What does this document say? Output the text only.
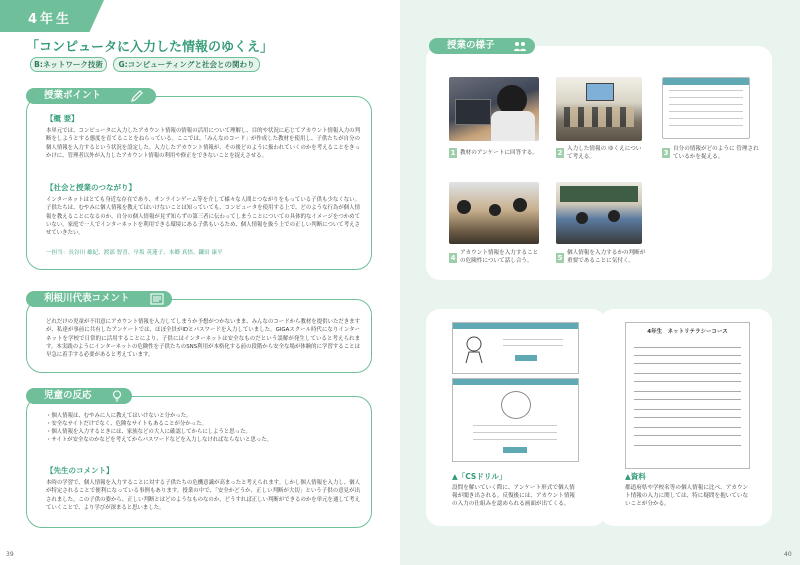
4年生
「コンピュータに入力した情報のゆくえ」
B:ネットワーク技術	G:コンピューティングと社会との関わり
授業ポイント
【概 要】
本単元では、コンピュータに入力したアカウント情報の情報の活用について理解し、目的や状況に応じてアカウント情報入力の判断をしようとする態度を育てることをねらっている。ここでは、「みんなのコード」が作成した教材を使用し、子供たちが自分の個人情報を入力するという状況を設定した。入力したアカウント情報が、その後どのように扱われていくのかを考えることをきっかけに、管理者以外が入力したアカウント情報の利用や修正をできないことを捉えさせる。
【社会と授業のつながり】
インターネットはとても身近な存在であり、オンラインゲーム等を介して様々な人間とつながりをもっている子供も少なくない。子供たちは、むやみに個人情報を教えてはいけないことは知っていても、コンピュータを使用する上で、どのような行為が個人情報を教えることになるのか、自分の個人情報が見ず知らずの第三者に伝わってしまうことについての具体的なイメージをつかめていない。家庭で一人でインターネットを利用できる環境にある子供もいるため、個人情報を扱う上での正しい判断について考えさせていきたい。
一担当：長谷川 雄紀、渡部 智喜、早坂 英蓮子、本郷 真悟、鎌田 康平
利根川代表コメント
どれだけの児童が不用意にアカウント情報を入力してしまうか予想がつかないまま、みんなのコードから教材を提供いただきますが、私達が事前に共有したアンケートでは、ほぼ全員がIDとパスワードを入力していました。GIGAスクール時代になりインターネットを学校で日常的に活用することにより、子供にはインターネットは安全なものだという誤解が発生していると考えられます。本実践のようにインターネットの危険性を子供たちのSNS利用が本格化する前の段階から安全な場が体験的に学習することは早急に着手する必要があると考えています。
児童の反応
・個人情報は、むやみに人に教えてはいけないと分かった。
・安全なサイトだけでなく、危険なサイトもあることが分かった。
・個人情報を入力するときには、家族などの大人に確認してからにしようと思った。
・サイトが安全なのかなどを考えてからパスワードなどを入力しなければならないと思った。
【先生のコメント】
本時の学習で、個人情報を入力することに対する子供たちの危機意識が高まったと考えられます。しかし個人情報を入力し、個人が特定されることで便利になっている事例もあります。授業の中で、「安全かどうか、正しい判断が大切」という子供の意見が出されました。この子供の姿から、正しい判断とはどのようなものなのか、どうすれば正しい判断ができるのかを単元を通して考えていくことで、より学びが深まると思いました。
39
授業の様子
1 教材のアンケートに回答する。	2 入力した情報の ゆくえについて考える。	3 自分の情報がどのように 管理されているかを捉える。
4
アカウント情報を入力することの危険性について話し合う。	5
個人情報を入力するかの判断が重要であることに気付く。
▲「CSドリル」
設問を解いていく際に、アンケート形式で個人情報が聞き出される。反復後には、アカウント情報の入力の仕組みを認められる画面が出てくる。
4年生　ネットリテラシーコース
▲資料
都道府県や学校名等の個人情報に比べ、アカウント情報の入力に関しては、特に疑問を抱いていないことが分かる。
40
